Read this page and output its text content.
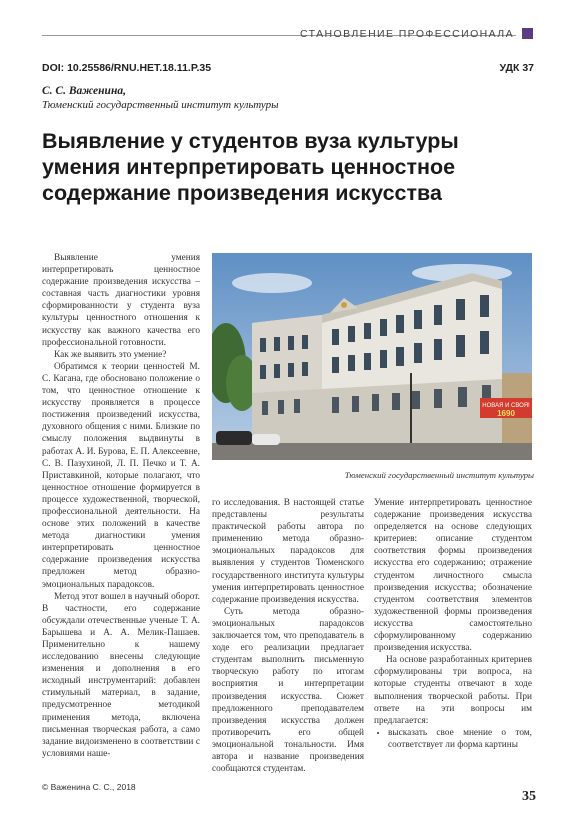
СТАНОВЛЕНИЕ ПРОФЕССИОНАЛА
DOI: 10.25586/RNU.HET.18.11.P.35	УДК 37
С. С. Важенина,
Тюменский государственный институт культуры
Выявление у студентов вуза культуры умения интерпретировать ценностное содержание произведения искусства

Выявление умения интерпретировать ценностное содержание произведения искусства – составная часть диагностики уровня сформированности у студента вуза культуры ценностного отношения к искусству как важного качества его профессиональной готовности.

Как же выявить это умение?

Обратимся к теории ценностей М. С. Кагана, где обосновано положение о том, что ценностное отношение к искусству проявляется в процессе постижения произведений искусства, духовного общения с ними. Близкие по смыслу положения выдвинуты в работах А. И. Бурова, Е. П. Алексеевне, С. В. Пазухиной, Л. П. Печко и Т. А. Приставкиной, которые полагают, что ценностное отношение формируется в процессе художественной, творческой, профессиональной деятельности. На основе этих положений в качестве метода диагностики умения интерпретировать ценностное содержание произведения искусства предложен метод образно-эмоциональных парадоксов.

Метод этот вошел в научный оборот. В частности, его содержание обсуждали отечественные ученые Т. А. Барышева и А. А. Мелик-Пашаев. Применительно к нашему исследованию внесены следующие изменения и дополнения в его исходный инструментарий: добавлен стимульный материал, в задание, предусмотренное методикой применения метода, включена письменная творческая работа, а само задание видоизменено в соответствии с условиями наше-

НОВАЯ И СВОЯ!
1690
Тюменский государственный институт культуры

го исследования. В настоящей статье представлены результаты практической работы автора по применению метода образно-эмоциональных парадоксов для выявления у студентов Тюменского государственного института культуры умения интерпретировать ценностное содержание произведения искусства.

Суть метода образно-эмоциональных парадоксов заключается том, что преподаватель в ходе его реализации предлагает студентам выполнить письменную творческую работу по итогам восприятия и интерпретации произведения искусства. Сюжет предложенного преподавателем произведения искусства должен противоречить его общей эмоциональной тональности. Имя автора и название произведения сообщаются студентам.

Умение интерпретировать ценностное содержание произведения искусства определяется на основе следующих критериев: описание студентом соответствия формы произведения искусства его содержанию; отражение студентом личностного смысла произведения искусства; обозначение студентом соответствия элементов художественной формы произведения искусства самостоятельно сформулированному содержанию произведения искусства.

На основе разработанных критериев сформулированы три вопроса, на которые студенты отвечают в ходе выполнения творческой работы. При ответе на эти вопросы им предлагается:

• высказать свое мнение о том, соответствует ли форма картины
© Важенина С. С., 2018
35
